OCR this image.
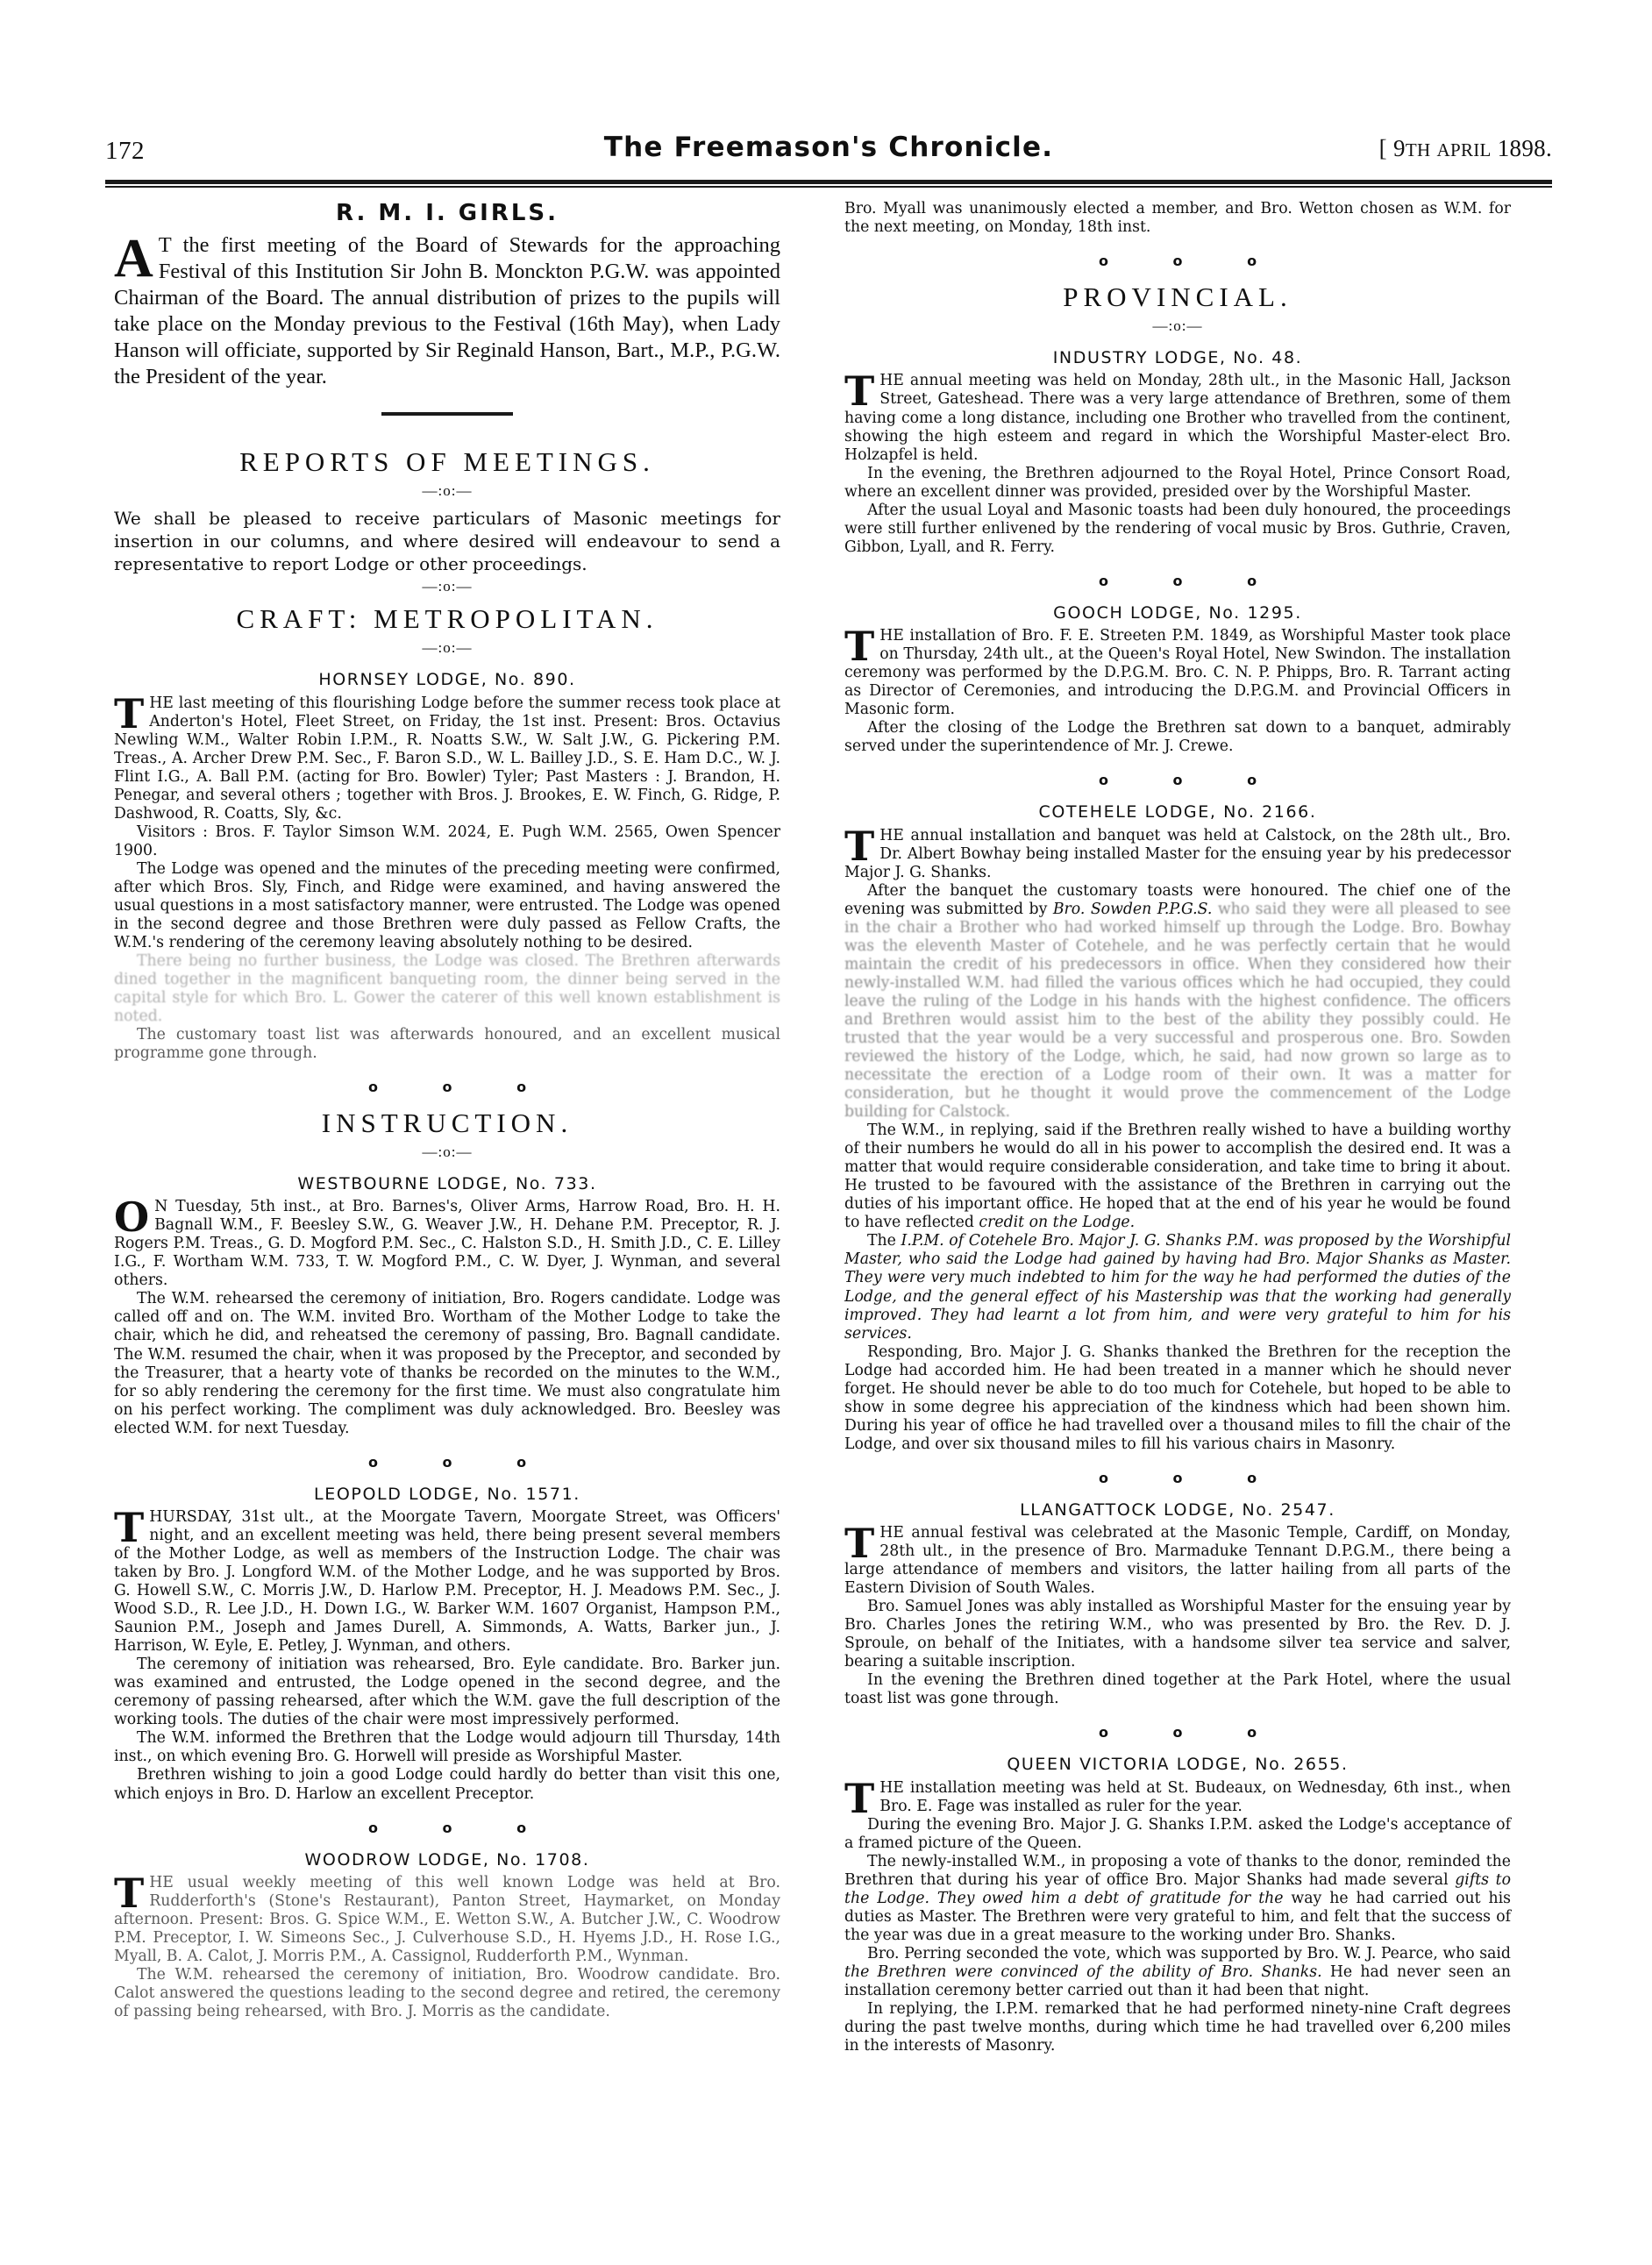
172	The Freemason's Chronicle.	[ 9TH APRIL 1898.
R. M. I. GIRLS.

A T the first meeting of the Board of Stewards for the approaching Festival of this Institution Sir John B. Monckton P.G.W. was appointed Chairman of the Board. The annual distribution of prizes to the pupils will take place on the Monday previous to the Festival (16th May), when Lady Hanson will officiate, supported by Sir Reginald Hanson, Bart., M.P., P.G.W. the President of the year.

REPORTS OF MEETINGS.
—:o:—

We shall be pleased to receive particulars of Masonic meetings for insertion in our columns, and where desired will endeavour to send a representative to report Lodge or other proceedings.

—:o:—
CRAFT: METROPOLITAN.
—:o:—
HORNSEY LODGE, No. 890.

THE last meeting of this flourishing Lodge before the summer recess took place at Anderton's Hotel, Fleet Street, on Friday, the 1st inst. Present: Bros. Octavius Newling W.M., Walter Robin I.P.M., R. Noatts S.W., W. Salt J.W., G. Pickering P.M. Treas., A. Archer Drew P.M. Sec., F. Baron S.D., W. L. Bailley J.D., S. E. Ham D.C., W. J. Flint I.G., A. Ball P.M. (acting for Bro. Bowler) Tyler; Past Masters : J. Brandon, H. Penegar, and several others ; together with Bros. J. Brookes, E. W. Finch, G. Ridge, P. Dashwood, R. Coatts, Sly, &c.

Visitors : Bros. F. Taylor Simson W.M. 2024, E. Pugh W.M. 2565, Owen Spencer 1900.

The Lodge was opened and the minutes of the preceding meeting were confirmed, after which Bros. Sly, Finch, and Ridge were examined, and having answered the usual questions in a most satisfactory manner, were entrusted. The Lodge was opened in the second degree and those Brethren were duly passed as Fellow Crafts, the W.M.'s rendering of the ceremony leaving absolutely nothing to be desired.

There being no further business, the Lodge was closed. The Brethren afterwards dined together in the magnificent banqueting room, the dinner being served in the capital style for which Bro. L. Gower the caterer of this well known establishment is noted.

The customary toast list was afterwards honoured, and an excellent musical programme gone through.

o o o
INSTRUCTION.
—:o:—
WESTBOURNE LODGE, No. 733.

O N Tuesday, 5th inst., at Bro. Barnes's, Oliver Arms, Harrow Road, Bro. H. H. Bagnall W.M., F. Beesley S.W., G. Weaver J.W., H. Dehane P.M. Preceptor, R. J. Rogers P.M. Treas., G. D. Mogford P.M. Sec., C. Halston S.D., H. Smith J.D., C. E. Lilley I.G., F. Wortham W.M. 733, T. W. Mogford P.M., C. W. Dyer, J. Wynman, and several others.

The W.M. rehearsed the ceremony of initiation, Bro. Rogers candidate. Lodge was called off and on. The W.M. invited Bro. Wortham of the Mother Lodge to take the chair, which he did, and reheatsed the ceremony of passing, Bro. Bagnall candidate. The W.M. resumed the chair, when it was proposed by the Preceptor, and seconded by the Treasurer, that a hearty vote of thanks be recorded on the minutes to the W.M., for so ably rendering the ceremony for the first time. We must also congratulate him on his perfect working. The compliment was duly acknowledged. Bro. Beesley was elected W.M. for next Tuesday.

o o o
LEOPOLD LODGE, No. 1571.

THURSDAY, 31st ult., at the Moorgate Tavern, Moorgate Street, was Officers' night, and an excellent meeting was held, there being present several members of the Mother Lodge, as well as members of the Instruction Lodge. The chair was taken by Bro. J. Longford W.M. of the Mother Lodge, and he was supported by Bros. G. Howell S.W., C. Morris J.W., D. Harlow P.M. Preceptor, H. J. Meadows P.M. Sec., J. Wood S.D., R. Lee J.D., H. Down I.G., W. Barker W.M. 1607 Organist, Hampson P.M., Saunion P.M., Joseph and James Durell, A. Simmonds, A. Watts, Barker jun., J. Harrison, W. Eyle, E. Petley, J. Wynman, and others.

The ceremony of initiation was rehearsed, Bro. Eyle candidate. Bro. Barker jun. was examined and entrusted, the Lodge opened in the second degree, and the ceremony of passing rehearsed, after which the W.M. gave the full description of the working tools. The duties of the chair were most impressively performed.

The W.M. informed the Brethren that the Lodge would adjourn till Thursday, 14th inst., on which evening Bro. G. Horwell will preside as Worshipful Master.

Brethren wishing to join a good Lodge could hardly do better than visit this one, which enjoys in Bro. D. Harlow an excellent Preceptor.

o o o
WOODROW LODGE, No. 1708.

THE usual weekly meeting of this well known Lodge was held at Bro. Rudderforth's (Stone's Restaurant), Panton Street, Haymarket, on Monday afternoon. Present: Bros. G. Spice W.M., E. Wetton S.W., A. Butcher J.W., C. Woodrow P.M. Preceptor, I. W. Simeons Sec., J. Culverhouse S.D., H. Hyems J.D., H. Rose I.G., Myall, B. A. Calot, J. Morris P.M., A. Cassignol, Rudderforth P.M., Wynman.

The W.M. rehearsed the ceremony of initiation, Bro. Woodrow candidate. Bro. Calot answered the questions leading to the second degree and retired, the ceremony of passing being rehearsed, with Bro. J. Morris as the candidate.

Bro. Myall was unanimously elected a member, and Bro. Wetton chosen as W.M. for the next meeting, on Monday, 18th inst.

o o o
PROVINCIAL.
—:o:—
INDUSTRY LODGE, No. 48.

THE annual meeting was held on Monday, 28th ult., in the Masonic Hall, Jackson Street, Gateshead. There was a very large attendance of Brethren, some of them having come a long distance, including one Brother who travelled from the continent, showing the high esteem and regard in which the Worshipful Master-elect Bro. Holzapfel is held.

In the evening, the Brethren adjourned to the Royal Hotel, Prince Consort Road, where an excellent dinner was provided, presided over by the Worshipful Master.

After the usual Loyal and Masonic toasts had been duly honoured, the proceedings were still further enlivened by the rendering of vocal music by Bros. Guthrie, Craven, Gibbon, Lyall, and R. Ferry.

o o o
GOOCH LODGE, No. 1295.

THE installation of Bro. F. E. Streeten P.M. 1849, as Worshipful Master took place on Thursday, 24th ult., at the Queen's Royal Hotel, New Swindon. The installation ceremony was performed by the D.P.G.M. Bro. C. N. P. Phipps, Bro. R. Tarrant acting as Director of Ceremonies, and introducing the D.P.G.M. and Provincial Officers in Masonic form.

After the closing of the Lodge the Brethren sat down to a banquet, admirably served under the superintendence of Mr. J. Crewe.

o o o
COTEHELE LODGE, No. 2166.

THE annual installation and banquet was held at Calstock, on the 28th ult., Bro. Dr. Albert Bowhay being installed Master for the ensuing year by his predecessor Major J. G. Shanks.

After the banquet the customary toasts were honoured. The chief one of the evening was submitted by Bro. Sowden P.P.G.S. who said they were all pleased to see in the chair a Brother who had worked himself up through the Lodge. Bro. Bowhay was the eleventh Master of Cotehele, and he was perfectly certain that he would maintain the credit of his predecessors in office. When they considered how their newly-installed W.M. had filled the various offices which he had occupied, they could leave the ruling of the Lodge in his hands with the highest confidence. The officers and Brethren would assist him to the best of the ability they possibly could. He trusted that the year would be a very successful and prosperous one. Bro. Sowden reviewed the history of the Lodge, which, he said, had now grown so large as to necessitate the erection of a Lodge room of their own. It was a matter for consideration, but he thought it would prove the commencement of the Lodge building for Calstock.

The W.M., in replying, said if the Brethren really wished to have a building worthy of their numbers he would do all in his power to accomplish the desired end. It was a matter that would require considerable consideration, and take time to bring it about. He trusted to be favoured with the assistance of the Brethren in carrying out the duties of his important office. He hoped that at the end of his year he would be found to have reflected credit on the Lodge.

The I.P.M. of Cotehele Bro. Major J. G. Shanks P.M. was proposed by the Worshipful Master, who said the Lodge had gained by having had Bro. Major Shanks as Master. They were very much indebted to him for the way he had performed the duties of the Lodge, and the general effect of his Mastership was that the working had generally improved. They had learnt a lot from him, and were very grateful to him for his services.

Responding, Bro. Major J. G. Shanks thanked the Brethren for the reception the Lodge had accorded him. He had been treated in a manner which he should never forget. He should never be able to do too much for Cotehele, but hoped to be able to show in some degree his appreciation of the kindness which had been shown him. During his year of office he had travelled over a thousand miles to fill the chair of the Lodge, and over six thousand miles to fill his various chairs in Masonry.

o o o
LLANGATTOCK LODGE, No. 2547.

THE annual festival was celebrated at the Masonic Temple, Cardiff, on Monday, 28th ult., in the presence of Bro. Marmaduke Tennant D.P.G.M., there being a large attendance of members and visitors, the latter hailing from all parts of the Eastern Division of South Wales.

Bro. Samuel Jones was ably installed as Worshipful Master for the ensuing year by Bro. Charles Jones the retiring W.M., who was presented by Bro. the Rev. D. J. Sproule, on behalf of the Initiates, with a handsome silver tea service and salver, bearing a suitable inscription.

In the evening the Brethren dined together at the Park Hotel, where the usual toast list was gone through.

o o o
QUEEN VICTORIA LODGE, No. 2655.

THE installation meeting was held at St. Budeaux, on Wednesday, 6th inst., when Bro. E. Fage was installed as ruler for the year.

During the evening Bro. Major J. G. Shanks I.P.M. asked the Lodge's acceptance of a framed picture of the Queen.

The newly-installed W.M., in proposing a vote of thanks to the donor, reminded the Brethren that during his year of office Bro. Major Shanks had made several gifts to the Lodge. They owed him a debt of gratitude for the way he had carried out his duties as Master. The Brethren were very grateful to him, and felt that the success of the year was due in a great measure to the working under Bro. Shanks.

Bro. Perring seconded the vote, which was supported by Bro. W. J. Pearce, who said the Brethren were convinced of the ability of Bro. Shanks. He had never seen an installation ceremony better carried out than it had been that night.

In replying, the I.P.M. remarked that he had performed ninety-nine Craft degrees during the past twelve months, during which time he had travelled over 6,200 miles in the interests of Masonry.
